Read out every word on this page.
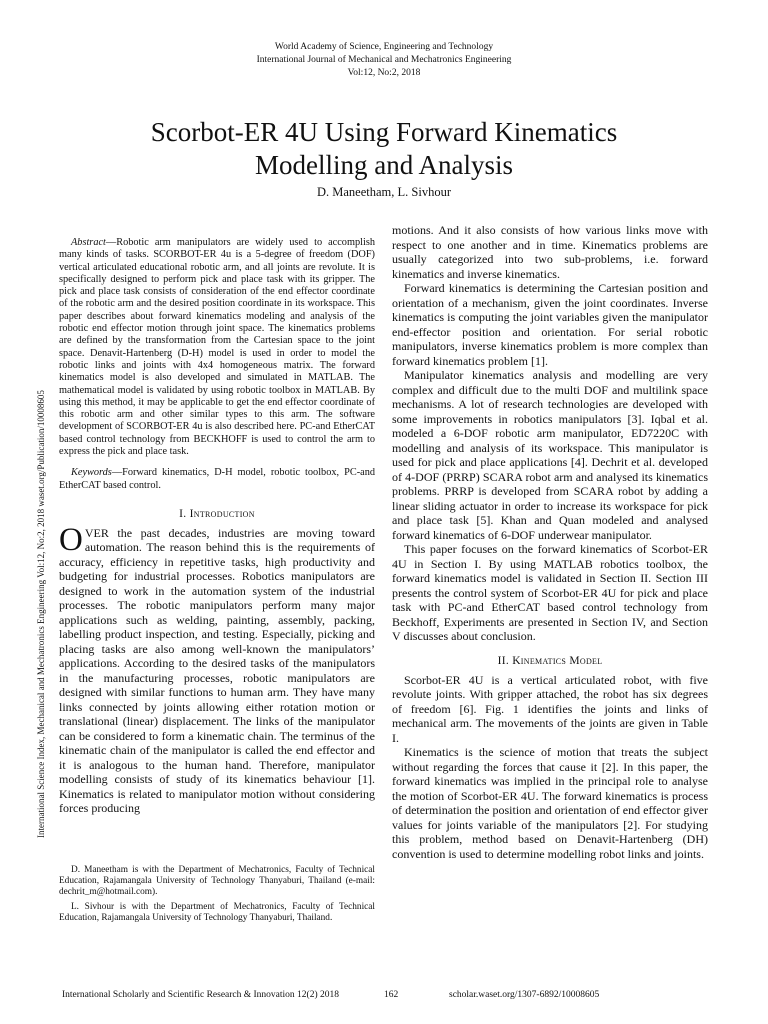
World Academy of Science, Engineering and Technology
International Journal of Mechanical and Mechatronics Engineering
Vol:12, No:2, 2018
Scorbot-ER 4U Using Forward Kinematics
Modelling and Analysis
D. Maneetham, L. Sivhour
International Science Index, Mechanical and Mechatronics Engineering Vol:12, No:2, 2018 waset.org/Publication/10008605

Abstract—Robotic arm manipulators are widely used to accomplish many kinds of tasks. SCORBOT-ER 4u is a 5-degree of freedom (DOF) vertical articulated educational robotic arm, and all joints are revolute. It is specifically designed to perform pick and place task with its gripper. The pick and place task consists of consideration of the end effector coordinate of the robotic arm and the desired position coordinate in its workspace. This paper describes about forward kinematics modeling and analysis of the robotic end effector motion through joint space. The kinematics problems are defined by the transformation from the Cartesian space to the joint space. Denavit-Hartenberg (D-H) model is used in order to model the robotic links and joints with 4x4 homogeneous matrix. The forward kinematics model is also developed and simulated in MATLAB. The mathematical model is validated by using robotic toolbox in MATLAB. By using this method, it may be applicable to get the end effector coordinate of this robotic arm and other similar types to this arm. The software development of SCORBOT-ER 4u is also described here. PC-and EtherCAT based control technology from BECKHOFF is used to control the arm to express the pick and place task.

Keywords—Forward kinematics, D-H model, robotic toolbox, PC-and EtherCAT based control.

I. Introduction

OVER the past decades, industries are moving toward automation. The reason behind this is the requirements of accuracy, efficiency in repetitive tasks, high productivity and budgeting for industrial processes. Robotics manipulators are designed to work in the automation system of the industrial processes. The robotic manipulators perform many major applications such as welding, painting, assembly, packing, labelling product inspection, and testing. Especially, picking and placing tasks are also among well-known the manipulators’ applications. According to the desired tasks of the manipulators in the manufacturing processes, robotic manipulators are designed with similar functions to human arm. They have many links connected by joints allowing either rotation motion or translational (linear) displacement. The links of the manipulator can be considered to form a kinematic chain. The terminus of the kinematic chain of the manipulator is called the end effector and it is analogous to the human hand. Therefore, manipulator modelling consists of study of its kinematics behaviour [1]. Kinematics is related to manipulator motion without considering forces producing

D. Maneetham is with the Department of Mechatronics, Faculty of Technical Education, Rajamangala University of Technology Thanyaburi, Thailand (e-mail: dechrit_m@hotmail.com).

L. Sivhour is with the Department of Mechatronics, Faculty of Technical Education, Rajamangala University of Technology Thanyaburi, Thailand.

motions. And it also consists of how various links move with respect to one another and in time. Kinematics problems are usually categorized into two sub-problems, i.e. forward kinematics and inverse kinematics.

Forward kinematics is determining the Cartesian position and orientation of a mechanism, given the joint coordinates. Inverse kinematics is computing the joint variables given the manipulator end-effector position and orientation. For serial robotic manipulators, inverse kinematics problem is more complex than forward kinematics problem [1].

Manipulator kinematics analysis and modelling are very complex and difficult due to the multi DOF and multilink space mechanisms. A lot of research technologies are developed with some improvements in robotics manipulators [3]. Iqbal et al. modeled a 6-DOF robotic arm manipulator, ED7220C with modelling and analysis of its workspace. This manipulator is used for pick and place applications [4]. Dechrit et al. developed of 4-DOF (PRRP) SCARA robot arm and analysed its kinematics problems. PRRP is developed from SCARA robot by adding a linear sliding actuator in order to increase its workspace for pick and place task [5]. Khan and Quan modeled and analysed forward kinematics of 6-DOF underwear manipulator.

This paper focuses on the forward kinematics of Scorbot-ER 4U in Section I. By using MATLAB robotics toolbox, the forward kinematics model is validated in Section II. Section III presents the control system of Scorbot-ER 4U for pick and place task with PC-and EtherCAT based control technology from Beckhoff, Experiments are presented in Section IV, and Section V discusses about conclusion.

II. Kinematics Model

Scorbot-ER 4U is a vertical articulated robot, with five revolute joints. With gripper attached, the robot has six degrees of freedom [6]. Fig. 1 identifies the joints and links of mechanical arm. The movements of the joints are given in Table I.

Kinematics is the science of motion that treats the subject without regarding the forces that cause it [2]. In this paper, the forward kinematics was implied in the principal role to analyse the motion of Scorbot-ER 4U. The forward kinematics is process of determination the position and orientation of end effector giver values for joints variable of the manipulators [2]. For studying this problem, method based on Denavit-Hartenberg (DH) convention is used to determine modelling robot links and joints.

International Scholarly and Scientific Research & Innovation 12(2) 2018	162	scholar.waset.org/1307-6892/10008605
